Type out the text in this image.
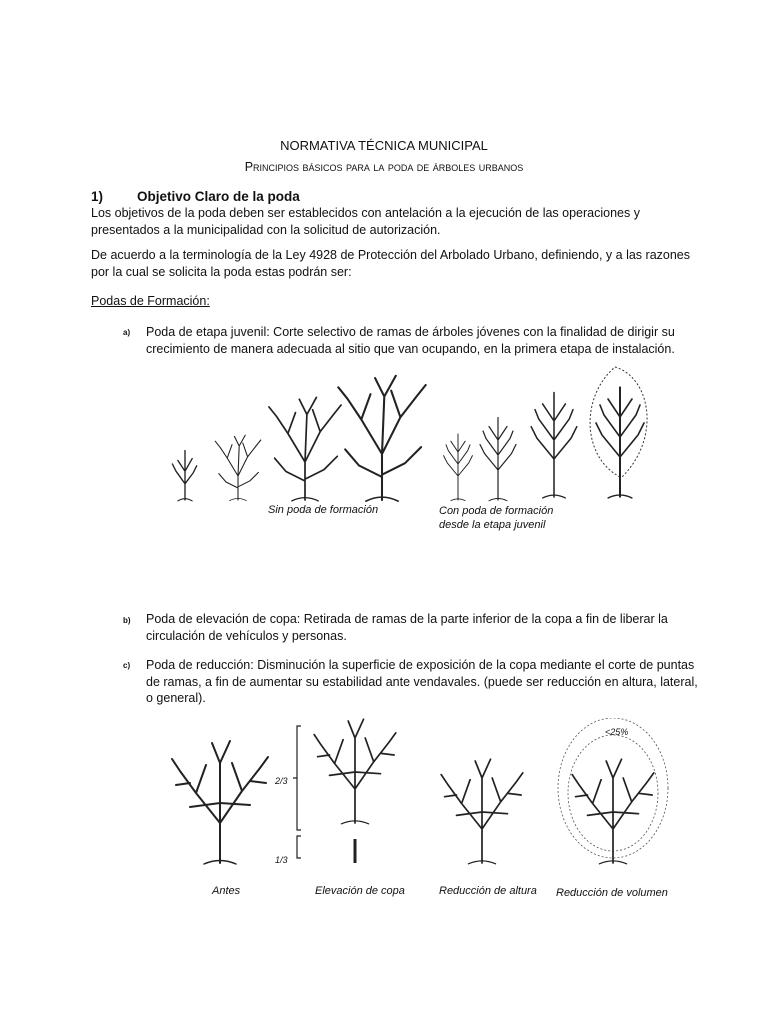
NORMATIVA TÉCNICA MUNICIPAL
Principios básicos para la poda de árboles urbanos
1)	Objetivo Claro de la poda
Los objetivos de la poda deben ser establecidos con antelación a la ejecución de las operaciones y presentados a la municipalidad con la solicitud de autorización.
De acuerdo a la terminología de la Ley 4928 de Protección del Arbolado Urbano, definiendo, y a las razones por la cual se solicita la poda estas podrán ser:
Podas de Formación:
a) Poda de etapa juvenil: Corte selectivo de ramas de árboles jóvenes con la finalidad de dirigir su crecimiento de manera adecuada al sitio que van ocupando, en la primera etapa de instalación.
Sin poda de formación	Con poda de formación
desde la etapa juvenil
b) Poda de elevación de copa: Retirada de ramas de la parte inferior de la copa a fin de liberar la circulación de vehículos y personas.
c) Poda de reducción: Disminución la superficie de exposición de la copa mediante el corte de puntas de ramas, a fin de aumentar su estabilidad ante vendavales. (puede ser reducción en altura, lateral, o general).
2/3
1/3
<25%
Antes	Elevación de copa	Reducción de altura Reducción de volumen
